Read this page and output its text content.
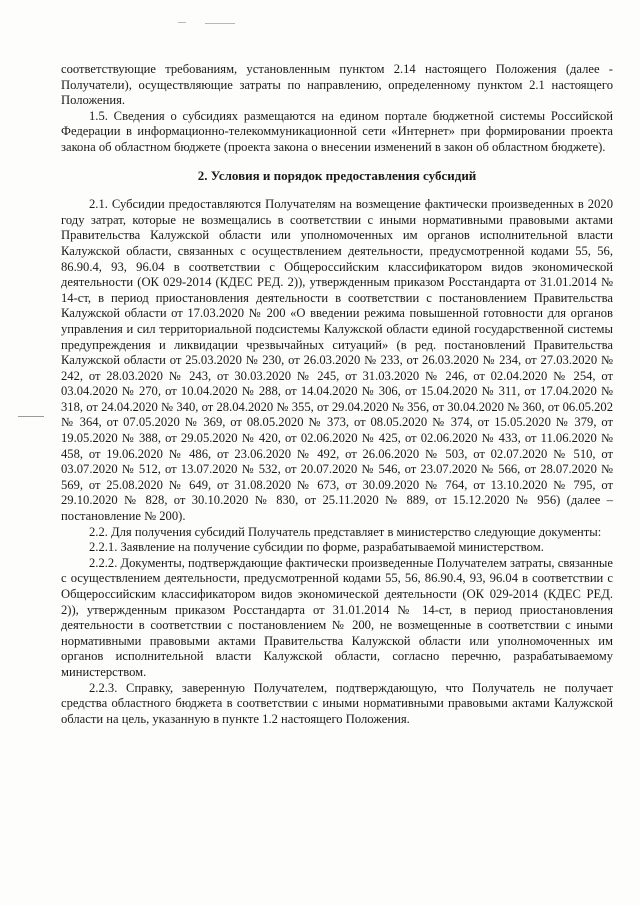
соответствующие требованиям, установленным пунктом 2.14 настоящего Положения (далее - Получатели), осуществляющие затраты по направлению, определенному пунктом 2.1 настоящего Положения.

1.5. Сведения о субсидиях размещаются на едином портале бюджетной системы Российской Федерации в информационно-телекоммуникационной сети «Интернет» при формировании проекта закона об областном бюджете (проекта закона о внесении изменений в закон об областном бюджете).

2. Условия и порядок предоставления субсидий

2.1. Субсидии предоставляются Получателям на возмещение фактически произведенных в 2020 году затрат, которые не возмещались в соответствии с иными нормативными правовыми актами Правительства Калужской области или уполномоченных им органов исполнительной власти Калужской области, связанных с осуществлением деятельности, предусмотренной кодами 55, 56, 86.90.4, 93, 96.04 в соответствии с Общероссийским классификатором видов экономической деятельности (ОК 029-2014 (КДЕС РЕД. 2)), утвержденным приказом Росстандарта от 31.01.2014 № 14-ст, в период приостановления деятельности в соответствии с постановлением Правительства Калужской области от 17.03.2020 № 200 «О введении режима повышенной готовности для органов управления и сил территориальной подсистемы Калужской области единой государственной системы предупреждения и ликвидации чрезвычайных ситуаций» (в ред. постановлений Правительства Калужской области от 25.03.2020 № 230, от 26.03.2020 № 233, от 26.03.2020 № 234, от 27.03.2020 № 242, от 28.03.2020 № 243, от 30.03.2020 № 245, от 31.03.2020 № 246, от 02.04.2020 № 254, от 03.04.2020 № 270, от 10.04.2020 № 288, от 14.04.2020 № 306, от 15.04.2020 № 311, от 17.04.2020 № 318, от 24.04.2020 № 340, от 28.04.2020 № 355, от 29.04.2020 № 356, от 30.04.2020 № 360, от 06.05.202 № 364, от 07.05.2020 № 369, от 08.05.2020 № 373, от 08.05.2020 № 374, от 15.05.2020 № 379, от 19.05.2020 № 388, от 29.05.2020 № 420, от 02.06.2020 № 425, от 02.06.2020 № 433, от 11.06.2020 № 458, от 19.06.2020 № 486, от 23.06.2020 № 492, от 26.06.2020 № 503, от 02.07.2020 № 510, от 03.07.2020 № 512, от 13.07.2020 № 532, от 20.07.2020 № 546, от 23.07.2020 № 566, от 28.07.2020 № 569, от 25.08.2020 № 649, от 31.08.2020 № 673, от 30.09.2020 № 764, от 13.10.2020 № 795, от 29.10.2020 № 828, от 30.10.2020 № 830, от 25.11.2020 № 889, от 15.12.2020 № 956) (далее – постановление № 200).

2.2. Для получения субсидий Получатель представляет в министерство следующие документы:

2.2.1. Заявление на получение субсидии по форме, разрабатываемой министерством.

2.2.2. Документы, подтверждающие фактически произведенные Получателем затраты, связанные с осуществлением деятельности, предусмотренной кодами 55, 56, 86.90.4, 93, 96.04 в соответствии с Общероссийским классификатором видов экономической деятельности (ОК 029-2014 (КДЕС РЕД. 2)), утвержденным приказом Росстандарта от 31.01.2014 № 14-ст, в период приостановления деятельности в соответствии с постановлением № 200, не возмещенные в соответствии с иными нормативными правовыми актами Правительства Калужской области или уполномоченных им органов исполнительной власти Калужской области, согласно перечню, разрабатываемому министерством.

2.2.3. Справку, заверенную Получателем, подтверждающую, что Получатель не получает средства областного бюджета в соответствии с иными нормативными правовыми актами Калужской области на цель, указанную в пункте 1.2 настоящего Положения.
